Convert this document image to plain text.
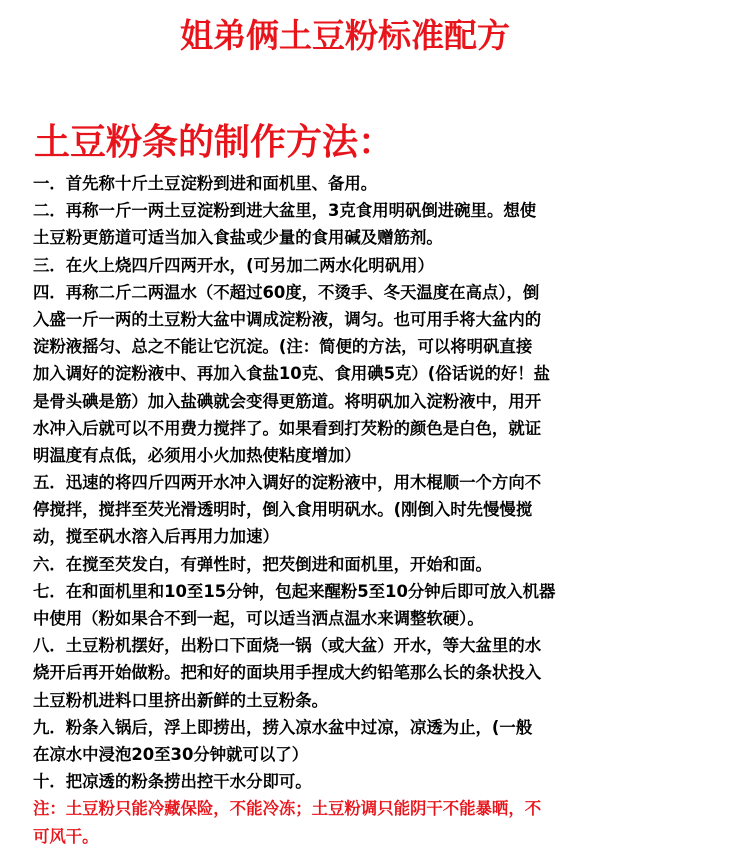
姐弟俩土豆粉标准配方
土豆粉条的制作方法：
一．首先称十斤土豆淀粉到进和面机里、备用。
二．再称一斤一两土豆淀粉到进大盆里，3克食用明矾倒进碗里。想使
土豆粉更筋道可适当加入食盐或少量的食用碱及赠筋剂。
三．在火上烧四斤四两开水，(可另加二两水化明矾用）
四．再称二斤二两温水（不超过60度，不烫手、冬天温度在高点），倒
入盛一斤一两的土豆粉大盆中调成淀粉液，调匀。也可用手将大盆内的
淀粉液摇匀、总之不能让它沉淀。(注：简便的方法，可以将明矾直接
加入调好的淀粉液中、再加入食盐10克、食用碘5克）(俗话说的好！盐
是骨头碘是筋）加入盐碘就会变得更筋道。将明矾加入淀粉液中，用开
水冲入后就可以不用费力搅拌了。如果看到打芡粉的颜色是白色，就证
明温度有点低，必须用小火加热使粘度增加）
五．迅速的将四斤四两开水冲入调好的淀粉液中，用木棍顺一个方向不
停搅拌，搅拌至芡光滑透明时，倒入食用明矾水。(刚倒入时先慢慢搅
动，搅至矾水溶入后再用力加速）
六．在搅至芡发白，有弹性时，把芡倒进和面机里，开始和面。
七．在和面机里和10至15分钟，包起来醒粉5至10分钟后即可放入机器
中使用（粉如果合不到一起，可以适当洒点温水来调整软硬）。
八．土豆粉机摆好，出粉口下面烧一锅（或大盆）开水，等大盆里的水
烧开后再开始做粉。把和好的面块用手捏成大约铅笔那么长的条状投入
土豆粉机进料口里挤出新鲜的土豆粉条。
九．粉条入锅后，浮上即捞出，捞入凉水盆中过凉，凉透为止，(一般
在凉水中浸泡20至30分钟就可以了）
十．把凉透的粉条捞出控干水分即可。
注：土豆粉只能冷藏保险，不能冷冻；土豆粉调只能阴干不能暴晒，不
可风干。
